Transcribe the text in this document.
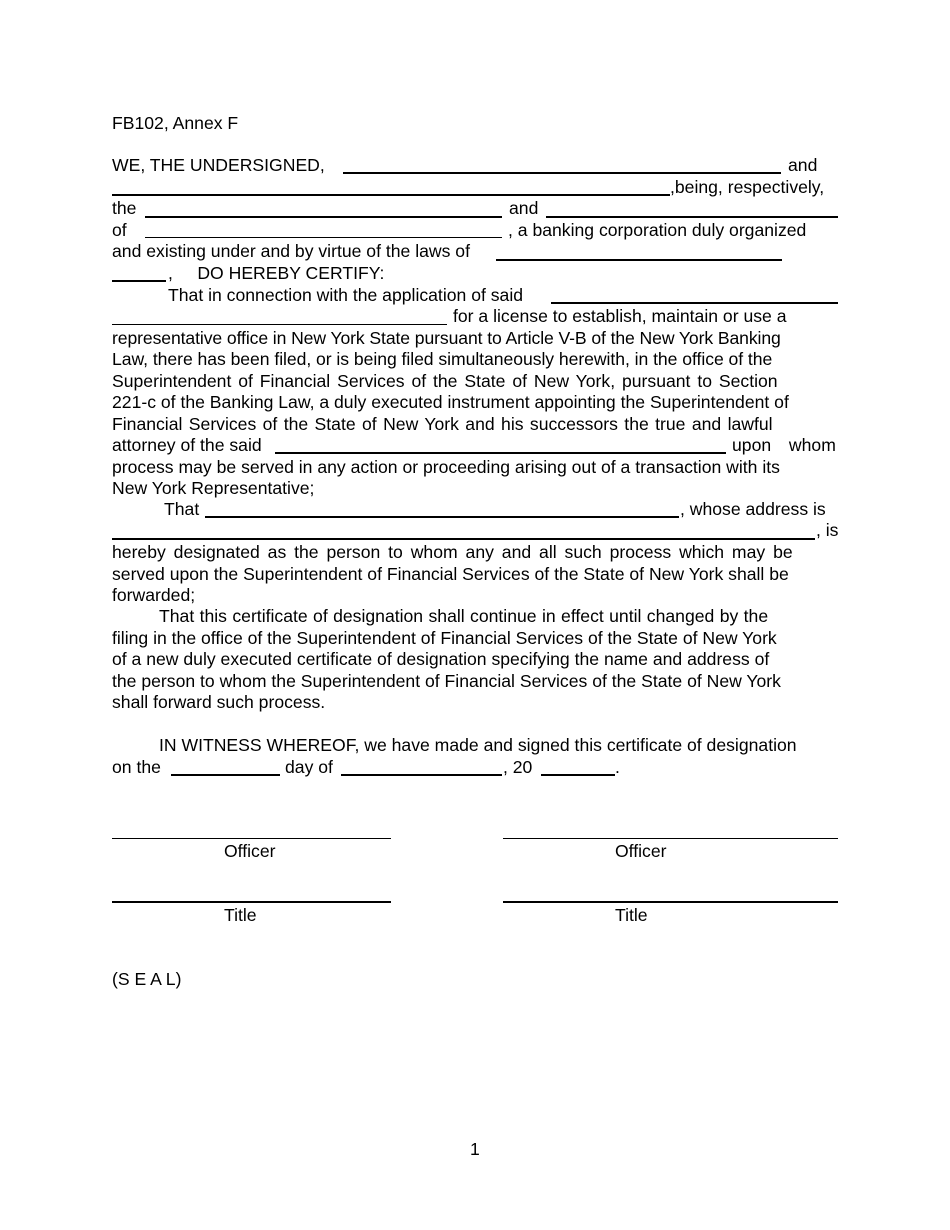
FB102, Annex F
WE, THE UNDERSIGNED,	and
,being, respectively,
the	and
of	, a banking corporation duly organized
and existing under and by virtue of the laws of
,     DO HEREBY CERTIFY:
That in connection with the application of said
for a license to establish, maintain or use a
representative office in New York State pursuant to Article V-B of the New York Banking
Law, there has been filed, or is being filed simultaneously herewith, in the office of the
Superintendent of Financial Services of the State of New York, pursuant to Section
221-c of the Banking Law, a duly executed instrument appointing the Superintendent of
Financial Services of the State of New York and his successors the true and lawful
attorney of the said	upon  whom
process may be served in any action or proceeding arising out of a transaction with its
New York Representative;
That	, whose address is
, is
hereby designated as the person to whom any and all such process which may be
served upon the Superintendent of Financial Services of the State of New York shall be
forwarded;
That this certificate of designation shall continue in effect until changed by the
filing in the office of the Superintendent of Financial Services of the State of New York
of a new duly executed certificate of designation specifying the name and address of
the person to whom the Superintendent of Financial Services of the State of New York
shall forward such process.
IN WITNESS WHEREOF, we have made and signed this certificate of designation
on the	day of	, 20	.
Officer	Officer
Title	Title
(S E A L)
1
